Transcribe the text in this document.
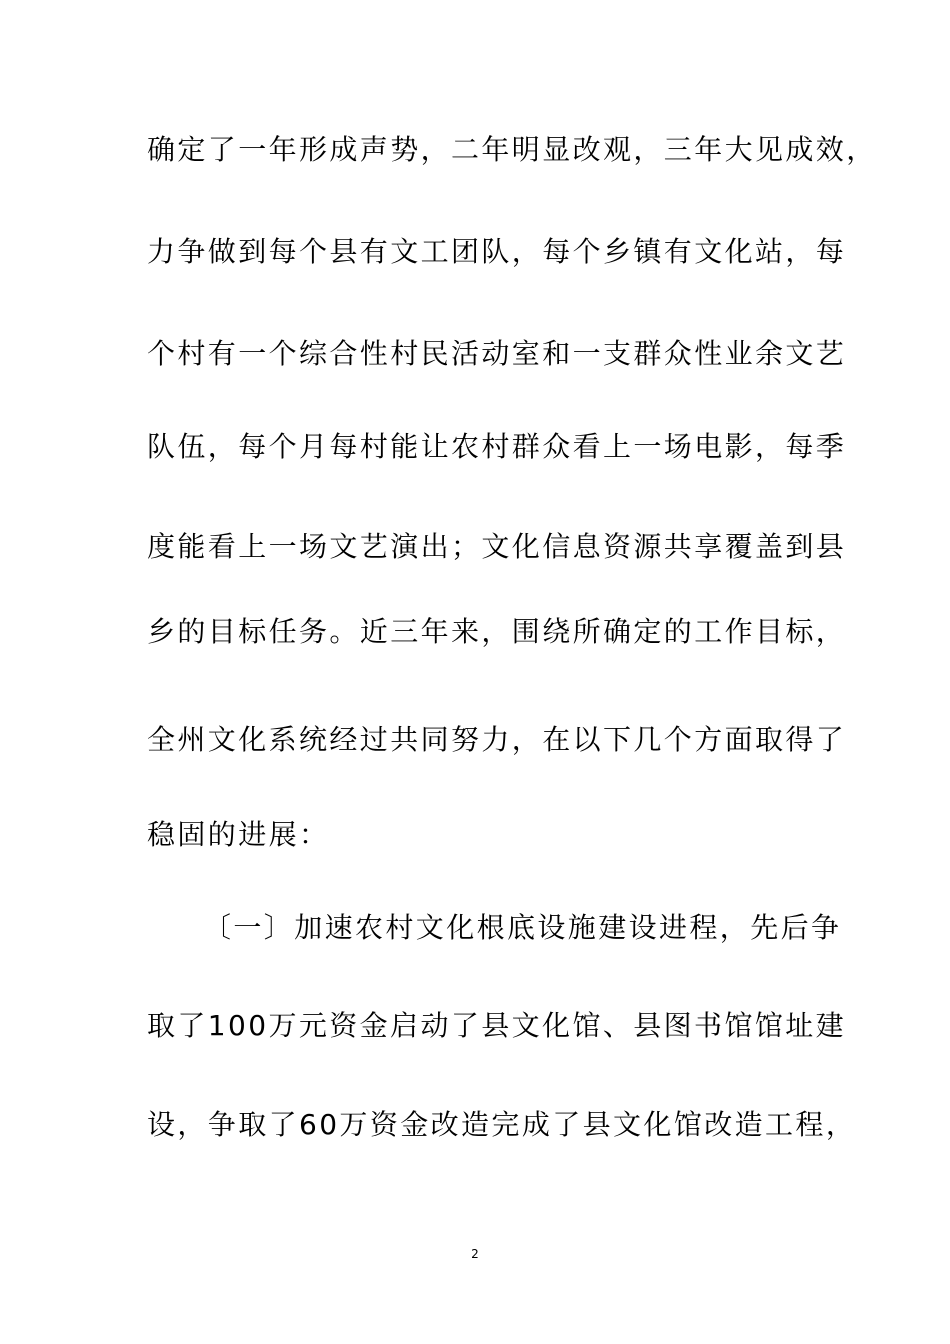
确定了一年形成声势，二年明显改观，三年大见成效，
力争做到每个县有文工团队，每个乡镇有文化站，每
个村有一个综合性村民活动室和一支群众性业余文艺
队伍，每个月每村能让农村群众看上一场电影，每季
度能看上一场文艺演出；文化信息资源共享覆盖到县
乡的目标任务。近三年来，围绕所确定的工作目标，
全州文化系统经过共同努力，在以下几个方面取得了
稳固的进展：
〔一〕加速农村文化根底设施建设进程，先后争
取了100万元资金启动了县文化馆、县图书馆馆址建
设，争取了60万资金改造完成了县文化馆改造工程，
2
